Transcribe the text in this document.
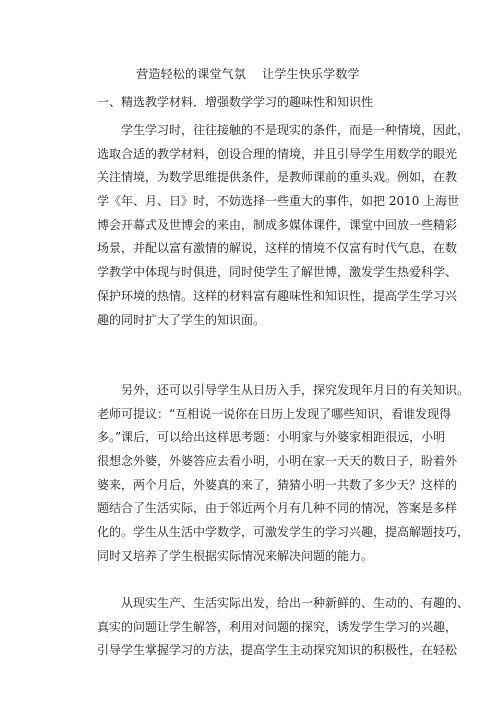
营造轻松的课堂气氛    让学生快乐学数学
一、精选教学材料．增强数学学习的趣味性和知识性
学生学习时，往往接触的不是现实的条件，而是一种情境，因此，
选取合适的教学材料，创设合理的情境，并且引导学生用数学的眼光
关注情境，为数学思维提供条件，是教师课前的重头戏。例如，在教
学《年、月、日》时，不妨选择一些重大的事件，如把 2010 上海世
博会开幕式及世博会的来由，制成多媒体课件，课堂中回放一些精彩
场景，并配以富有激情的解说，这样的情境不仅富有时代气息，在数
学教学中体现与时俱进，同时使学生了解世博，激发学生热爱科学、
保护环境的热情。这样的材料富有趣味性和知识性，提高学生学习兴
趣的同时扩大了学生的知识面。
另外，还可以引导学生从日历入手，探究发现年月日的有关知识。
老师可提议：“互相说一说你在日历上发现了哪些知识，看谁发现得
多。”课后，可以给出这样思考题：小明家与外婆家相距很远，小明
很想念外婆，外婆答应去看小明，小明在家一天天的数日子，盼着外
婆来，两个月后，外婆真的来了，猜猜小明一共数了多少天？这样的
题结合了生活实际，由于邻近两个月有几种不同的情况，答案是多样
化的。学生从生活中学数学，可激发学生的学习兴趣，提高解题技巧，
同时又培养了学生根据实际情况来解决问题的能力。
从现实生产、生活实际出发，给出一种新鲜的、生动的、有趣的、
真实的问题让学生解答，利用对问题的探究，诱发学生学习的兴趣，
引导学生掌握学习的方法，提高学生主动探究知识的积极性，在轻松
